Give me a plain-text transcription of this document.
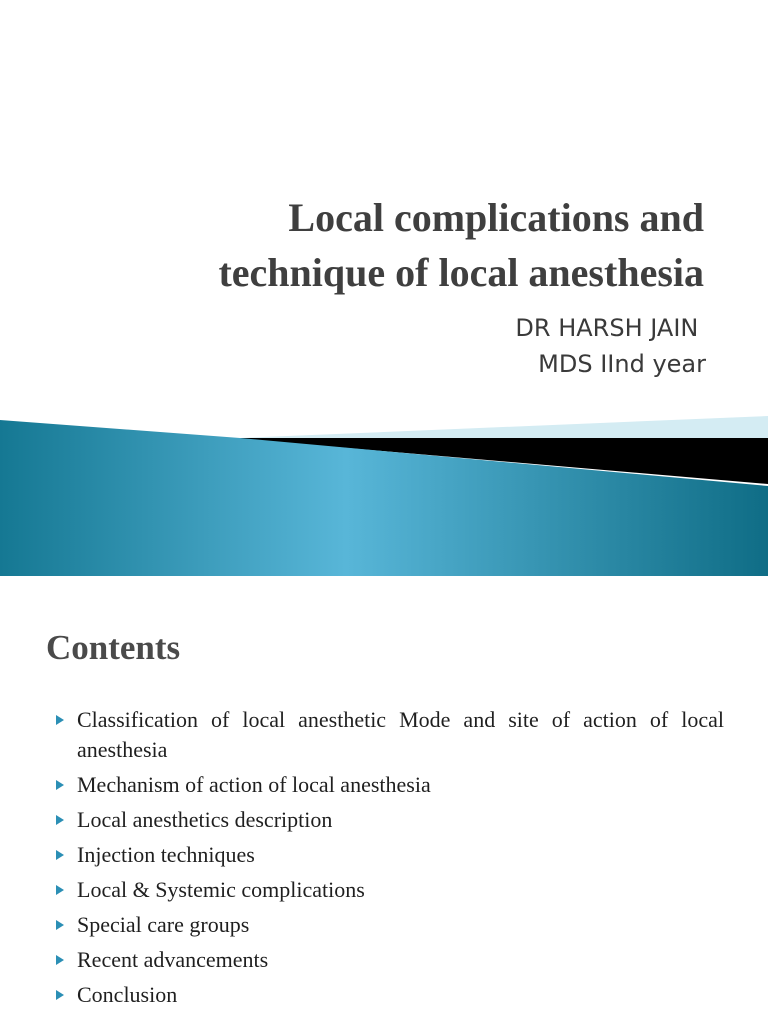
Local complications and
technique of local anesthesia
DR HARSH JAIN
MDS IInd year
Contents
Classification of local anesthetic Mode and site of action of local anesthesia
Mechanism of action of local anesthesia
Local anesthetics description
Injection techniques
Local & Systemic complications
Special care groups
Recent advancements
Conclusion
